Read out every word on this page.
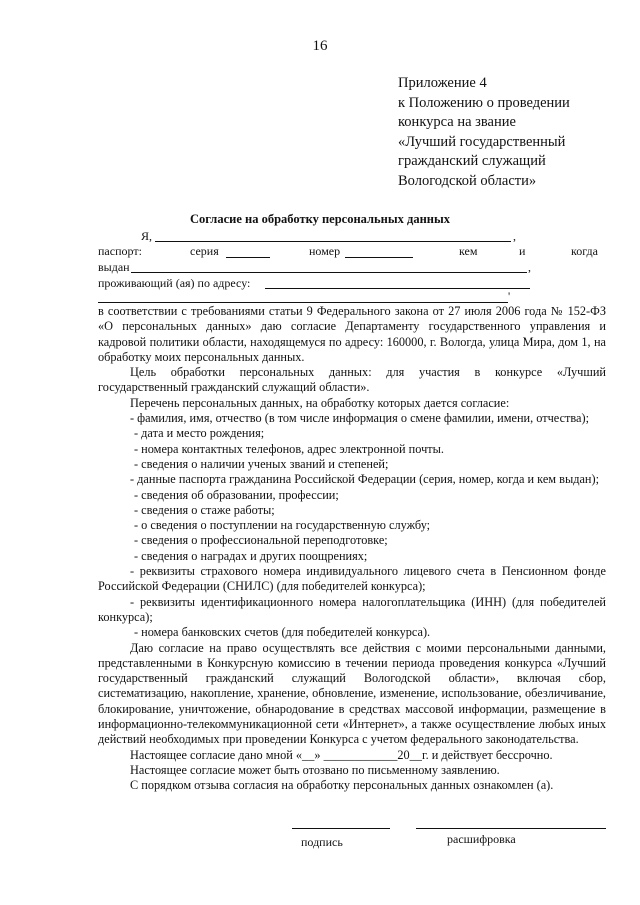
16
Приложение 4
к Положению о проведении
конкурса на звание
«Лучший государственный
гражданский служащий
Вологодской области»
Согласие на обработку персональных данных
Я,	,
паспорт:	серия	номер	кем	и	когда
выдан	,
проживающий (ая) по адресу:
'
в соответствии с требованиями статьи 9 Федерального закона от 27 июля 2006 года № 152-ФЗ «О персональных данных» даю согласие Департаменту государственного управления и кадровой политики области, находящемуся по адресу: 160000, г. Вологда, улица Мира, дом 1, на обработку моих персональных данных.
Цель обработки персональных данных: для участия в конкурсе «Лучший государственный гражданский служащий области».
Перечень персональных данных, на обработку которых дается согласие:
- фамилия, имя, отчество (в том числе информация о смене фамилии, имени, отчества);
- дата и место рождения;
- номера контактных телефонов, адрес электронной почты.
- сведения о наличии ученых званий и степеней;
- данные паспорта гражданина Российской Федерации (серия, номер, когда и кем выдан);
- сведения об образовании, профессии;
- сведения о стаже работы;
- о сведения о поступлении на государственную службу;
- сведения о профессиональной переподготовке;
- сведения о наградах и других поощрениях;
- реквизиты страхового номера индивидуального лицевого счета в Пенсионном фонде Российской Федерации (СНИЛС) (для победителей конкурса);
- реквизиты идентификационного номера налогоплательщика (ИНН) (для победителей конкурса);
- номера банковских счетов (для победителей конкурса).
Даю согласие на право осуществлять все действия с моими персональными данными, представленными в Конкурсную комиссию в течении периода проведения конкурса «Лучший государственный гражданский служащий Вологодской области», включая сбор, систематизацию, накопление, хранение, обновление, изменение, использование, обезличивание, блокирование, уничтожение, обнародование в средствах массовой информации, размещение в информационно-телекоммуникационной сети «Интернет», а также осуществление любых иных действий необходимых при проведении Конкурса с учетом федерального законодательства.
Настоящее согласие дано мной «__» ____________20__г. и действует бессрочно.
Настоящее согласие может быть отозвано по письменному заявлению.
С порядком отзыва согласия на обработку персональных данных ознакомлен (а).
подпись	расшифровка
